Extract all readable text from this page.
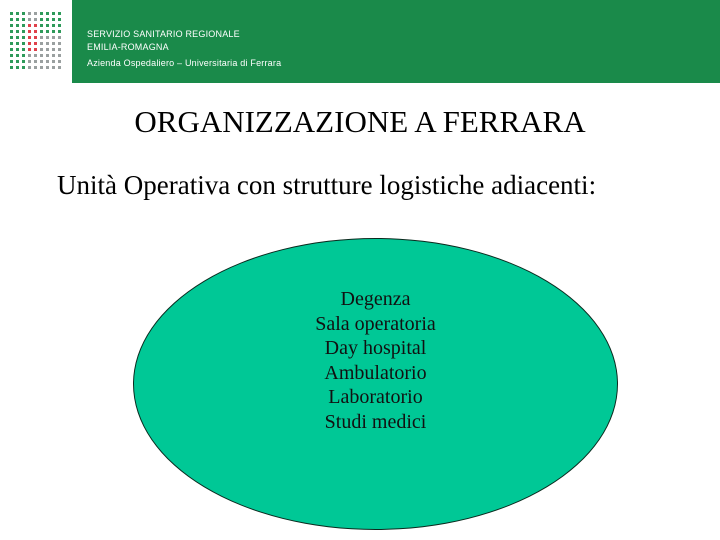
SERVIZIO SANITARIO REGIONALE
EMILIA-ROMAGNA
Azienda Ospedaliero – Universitaria di Ferrara
ORGANIZZAZIONE A FERRARA
Unità Operativa con strutture logistiche adiacenti:
Degenza
Sala operatoria
Day hospital
Ambulatorio
Laboratorio
Studi medici
